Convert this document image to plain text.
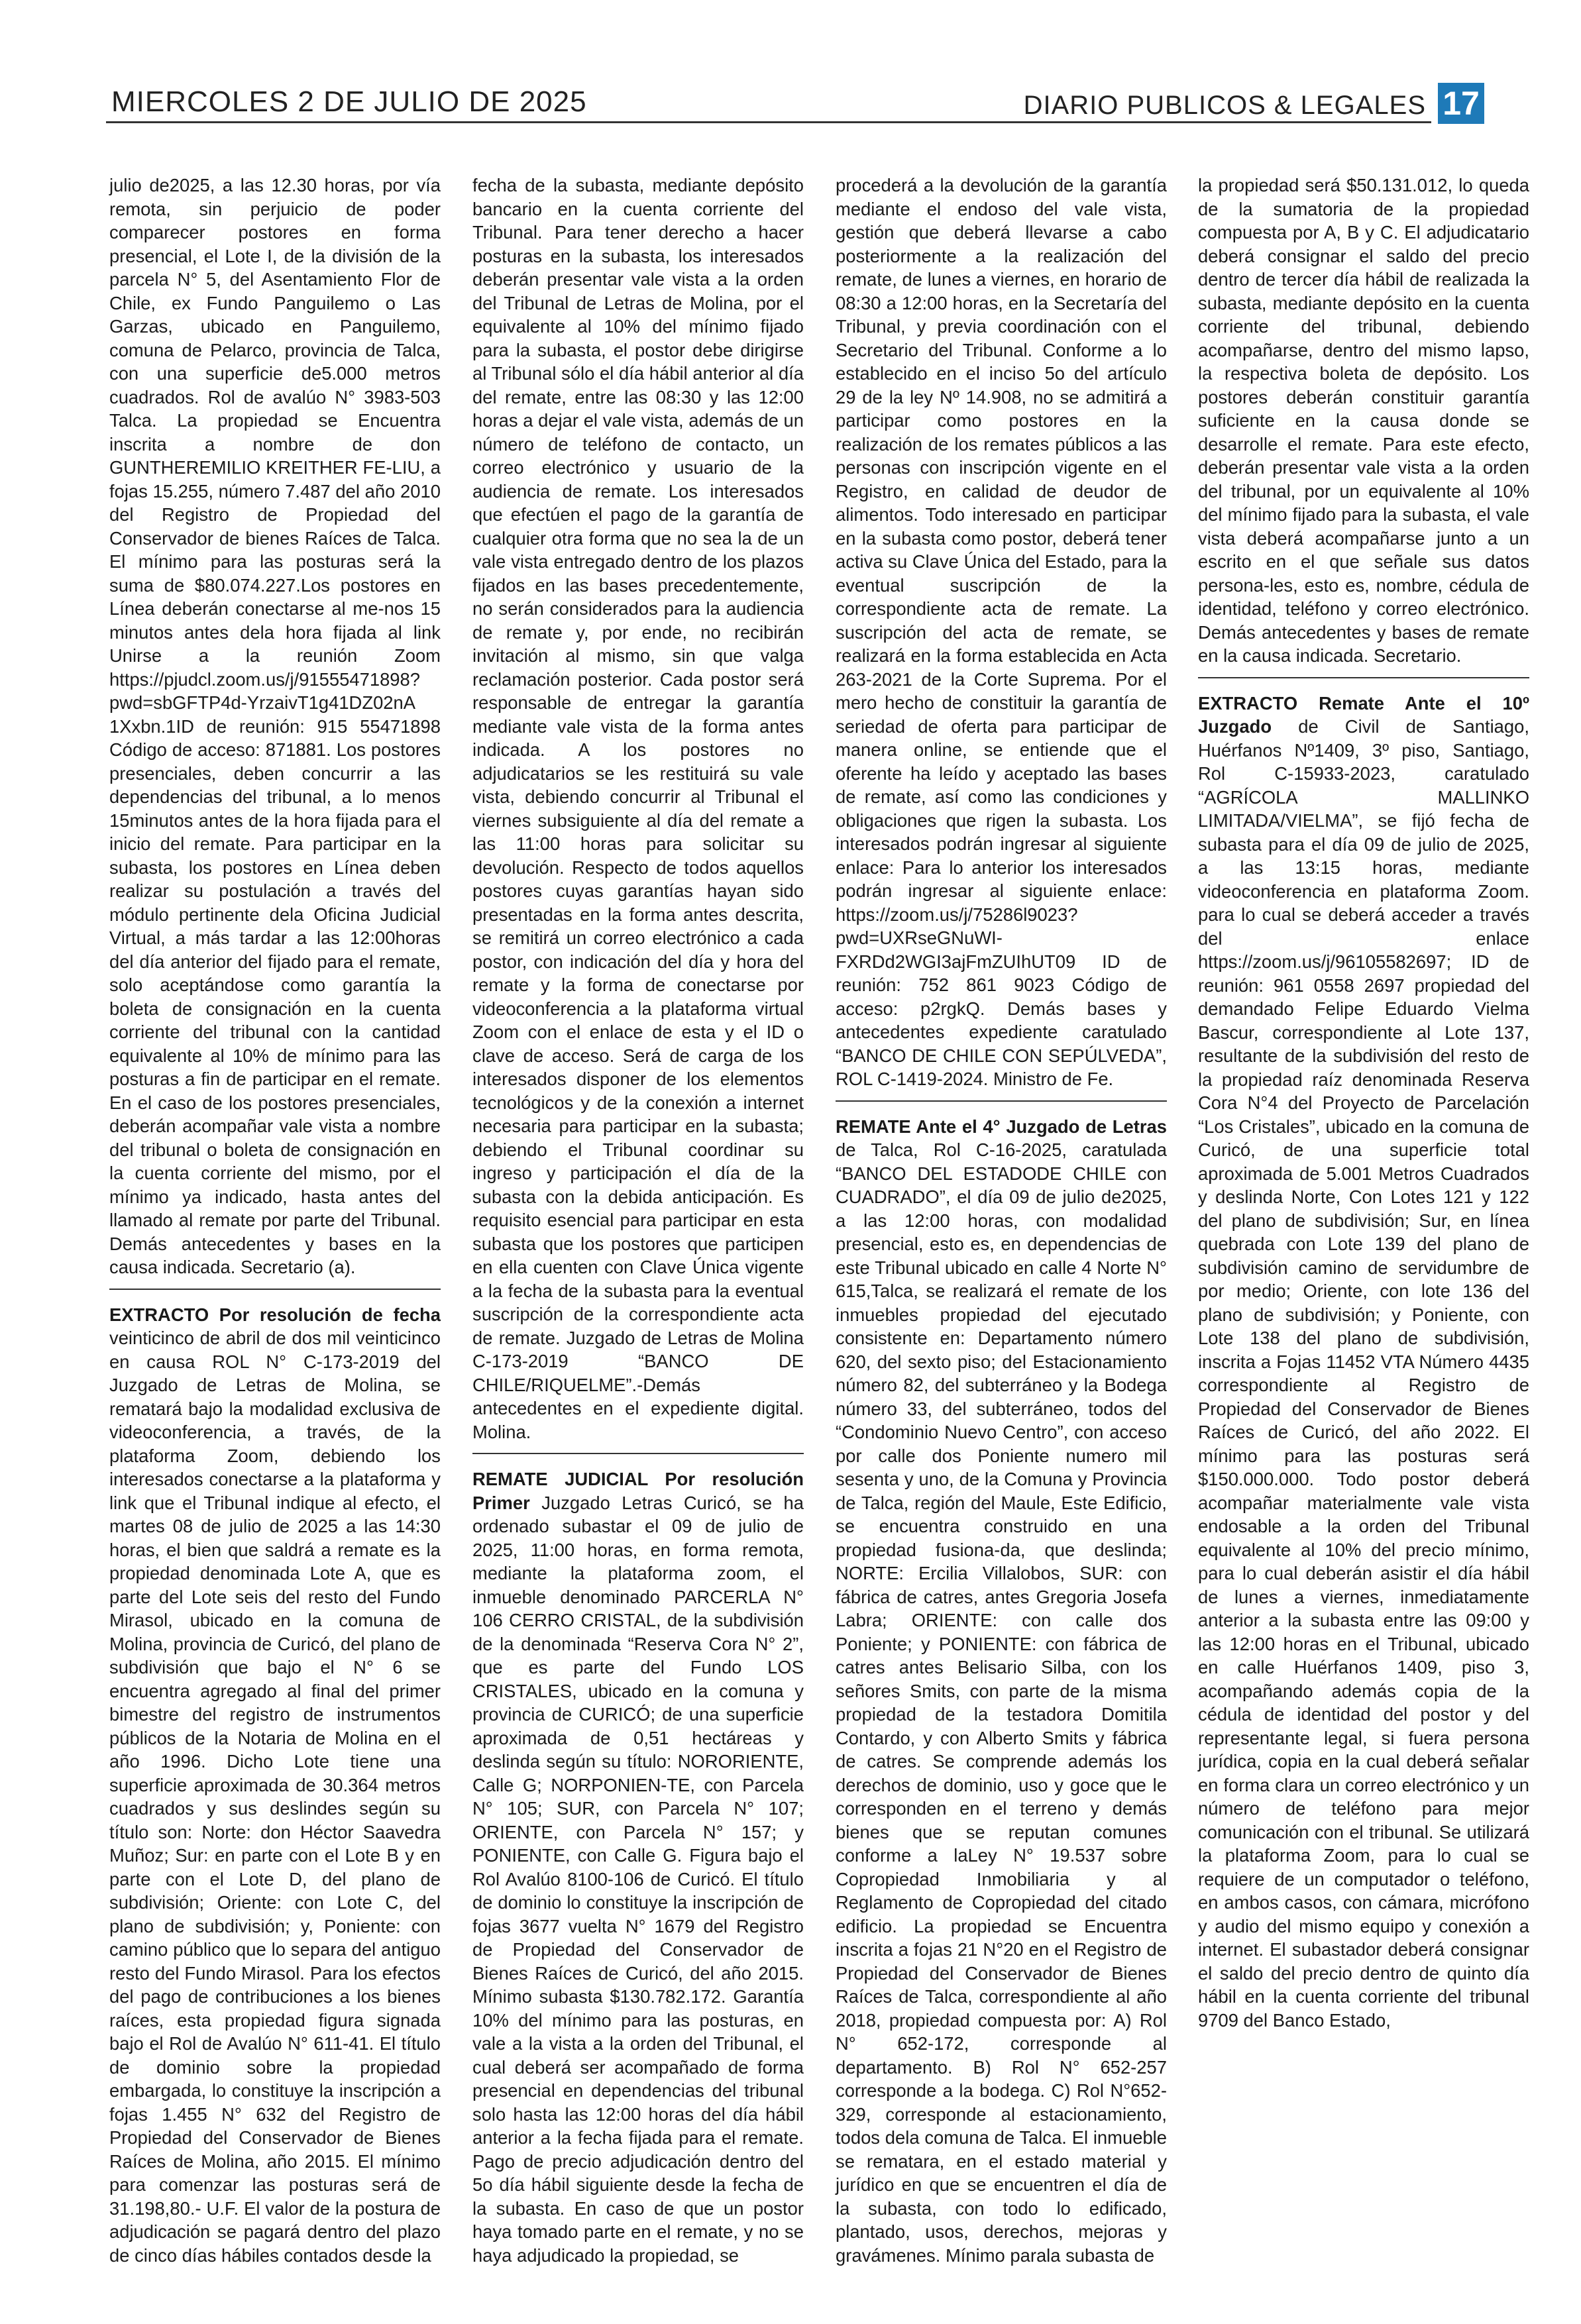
MIERCOLES 2 DE JULIO DE 2025	DIARIO PUBLICOS & LEGALES 17

julio de2025, a las 12.30 horas, por vía remota, sin perjuicio de poder comparecer postores en forma presencial, el Lote I, de la división de la parcela N° 5, del Asentamiento Flor de Chile, ex Fundo Panguilemo o Las Garzas, ubicado en Panguilemo, comuna de Pelarco, provincia de Talca, con una superficie de5.000 metros cuadrados. Rol de avalúo N° 3983-503 Talca. La propiedad se Encuentra inscrita a nombre de don GUNTHEREMILIO KREITHER FE-LIU, a fojas 15.255, número 7.487 del año 2010 del Registro de Propiedad del Conservador de bienes Raíces de Talca. El mínimo para las posturas será la suma de $80.074.227.Los postores en Línea deberán conectarse al me-nos 15 minutos antes dela hora fijada al link Unirse a la reunión Zoom https://pjudcl.zoom.us/j/91555471898?pwd=sbGFTP4d-YrzaivT1g41DZ02nA 1Xxbn.1ID de reunión: 915 55471898 Código de acceso: 871881. Los postores presenciales, deben concurrir a las dependencias del tribunal, a lo menos 15minutos antes de la hora fijada para el inicio del remate. Para participar en la subasta, los postores en Línea deben realizar su postulación a través del módulo pertinente dela Oficina Judicial Virtual, a más tardar a las 12:00horas del día anterior del fijado para el remate, solo aceptándose como garantía la boleta de consignación en la cuenta corriente del tribunal con la cantidad equivalente al 10% de mínimo para las posturas a fin de participar en el remate. En el caso de los postores presenciales, deberán acompañar vale vista a nombre del tribunal o boleta de consignación en la cuenta corriente del mismo, por el mínimo ya indicado, hasta antes del llamado al remate por parte del Tribunal. Demás antecedentes y bases en la causa indicada. Secretario (a).

EXTRACTO Por resolución de fecha veinticinco de abril de dos mil veinticinco en causa ROL N° C-173-2019 del Juzgado de Letras de Molina, se rematará bajo la modalidad exclusiva de videoconferencia, a través, de la plataforma Zoom, debiendo los interesados conectarse a la plataforma y link que el Tribunal indique al efecto, el martes 08 de julio de 2025 a las 14:30 horas, el bien que saldrá a remate es la propiedad denominada Lote A, que es parte del Lote seis del resto del Fundo Mirasol, ubicado en la comuna de Molina, provincia de Curicó, del plano de subdivisión que bajo el N° 6 se encuentra agregado al final del primer bimestre del registro de instrumentos públicos de la Notaria de Molina en el año 1996. Dicho Lote tiene una superficie aproximada de 30.364 metros cuadrados y sus deslindes según su título son: Norte: don Héctor Saavedra Muñoz; Sur: en parte con el Lote B y en parte con el Lote D, del plano de subdivisión; Oriente: con Lote C, del plano de subdivisión; y, Poniente: con camino público que lo separa del antiguo resto del Fundo Mirasol. Para los efectos del pago de contribuciones a los bienes raíces, esta propiedad figura signada bajo el Rol de Avalúo N° 611-41. El título de dominio sobre la propiedad embargada, lo constituye la inscripción a fojas 1.455 N° 632 del Registro de Propiedad del Conservador de Bienes Raíces de Molina, año 2015. El mínimo para comenzar las posturas será de 31.198,80.- U.F. El valor de la postura de adjudicación se pagará dentro del plazo de cinco días hábiles contados desde la

fecha de la subasta, mediante depósito bancario en la cuenta corriente del Tribunal. Para tener derecho a hacer posturas en la subasta, los interesados deberán presentar vale vista a la orden del Tribunal de Letras de Molina, por el equivalente al 10% del mínimo fijado para la subasta, el postor debe dirigirse al Tribunal sólo el día hábil anterior al día del remate, entre las 08:30 y las 12:00 horas a dejar el vale vista, además de un número de teléfono de contacto, un correo electrónico y usuario de la audiencia de remate. Los interesados que efectúen el pago de la garantía de cualquier otra forma que no sea la de un vale vista entregado dentro de los plazos fijados en las bases precedentemente, no serán considerados para la audiencia de remate y, por ende, no recibirán invitación al mismo, sin que valga reclamación posterior. Cada postor será responsable de entregar la garantía mediante vale vista de la forma antes indicada. A los postores no adjudicatarios se les restituirá su vale vista, debiendo concurrir al Tribunal el viernes subsiguiente al día del remate a las 11:00 horas para solicitar su devolución. Respecto de todos aquellos postores cuyas garantías hayan sido presentadas en la forma antes descrita, se remitirá un correo electrónico a cada postor, con indicación del día y hora del remate y la forma de conectarse por videoconferencia a la plataforma virtual Zoom con el enlace de esta y el ID o clave de acceso. Será de carga de los interesados disponer de los elementos tecnológicos y de la conexión a internet necesaria para participar en la subasta; debiendo el Tribunal coordinar su ingreso y participación el día de la subasta con la debida anticipación. Es requisito esencial para participar en esta subasta que los postores que participen en ella cuenten con Clave Única vigente a la fecha de la subasta para la eventual suscripción de la correspondiente acta de remate. Juzgado de Letras de Molina C-173-2019 “BANCO DE CHILE/RIQUELME”.-Demás antecedentes en el expediente digital. Molina.

REMATE JUDICIAL Por resolución Primer Juzgado Letras Curicó, se ha ordenado subastar el 09 de julio de 2025, 11:00 horas, en forma remota, mediante la plataforma zoom, el inmueble denominado PARCERLA N° 106 CERRO CRISTAL, de la subdivisión de la denominada “Reserva Cora N° 2”, que es parte del Fundo LOS CRISTALES, ubicado en la comuna y provincia de CURICÓ; de una superficie aproximada de 0,51 hectáreas y deslinda según su título: NORORIENTE, Calle G; NORPONIEN-TE, con Parcela N° 105; SUR, con Parcela N° 107; ORIENTE, con Parcela N° 157; y PONIENTE, con Calle G. Figura bajo el Rol Avalúo 8100-106 de Curicó. El título de dominio lo constituye la inscripción de fojas 3677 vuelta N° 1679 del Registro de Propiedad del Conservador de Bienes Raíces de Curicó, del año 2015. Mínimo subasta $130.782.172. Garantía 10% del mínimo para las posturas, en vale a la vista a la orden del Tribunal, el cual deberá ser acompañado de forma presencial en dependencias del tribunal solo hasta las 12:00 horas del día hábil anterior a la fecha fijada para el remate. Pago de precio adjudicación dentro del 5o día hábil siguiente desde la fecha de la subasta. En caso de que un postor haya tomado parte en el remate, y no se haya adjudicado la propiedad, se

procederá a la devolución de la garantía mediante el endoso del vale vista, gestión que deberá llevarse a cabo posteriormente a la realización del remate, de lunes a viernes, en horario de 08:30 a 12:00 horas, en la Secretaría del Tribunal, y previa coordinación con el Secretario del Tribunal. Conforme a lo establecido en el inciso 5o del artículo 29 de la ley Nº 14.908, no se admitirá a participar como postores en la realización de los remates públicos a las personas con inscripción vigente en el Registro, en calidad de deudor de alimentos. Todo interesado en participar en la subasta como postor, deberá tener activa su Clave Única del Estado, para la eventual suscripción de la correspondiente acta de remate. La suscripción del acta de remate, se realizará en la forma establecida en Acta 263-2021 de la Corte Suprema. Por el mero hecho de constituir la garantía de seriedad de oferta para participar de manera online, se entiende que el oferente ha leído y aceptado las bases de remate, así como las condiciones y obligaciones que rigen la subasta. Los interesados podrán ingresar al siguiente enlace: Para lo anterior los interesados podrán ingresar al siguiente enlace: https://zoom.us/j/75286l9023?pwd=UXRseGNuWI-FXRDd2WGI3ajFmZUIhUT09 ID de reunión: 752 861 9023 Código de acceso: p2rgkQ. Demás bases y antecedentes expediente caratulado “BANCO DE CHILE CON SEPÚLVEDA”, ROL C-1419-2024. Ministro de Fe.

REMATE Ante el 4° Juzgado de Letras de Talca, Rol C-16-2025, caratulada “BANCO DEL ESTADODE CHILE con CUADRADO”, el día 09 de julio de2025, a las 12:00 horas, con modalidad presencial, esto es, en dependencias de este Tribunal ubicado en calle 4 Norte N° 615,Talca, se realizará el remate de los inmuebles propiedad del ejecutado consistente en: Departamento número 620, del sexto piso; del Estacionamiento número 82, del subterráneo y la Bodega número 33, del subterráneo, todos del “Condominio Nuevo Centro”, con acceso por calle dos Poniente numero mil sesenta y uno, de la Comuna y Provincia de Talca, región del Maule, Este Edificio, se encuentra construido en una propiedad fusiona-da, que deslinda; NORTE: Ercilia Villalobos, SUR: con fábrica de catres, antes Gregoria Josefa Labra; ORIENTE: con calle dos Poniente; y PONIENTE: con fábrica de catres antes Belisario Silba, con los señores Smits, con parte de la misma propiedad de la testadora Domitila Contardo, y con Alberto Smits y fábrica de catres. Se comprende además los derechos de dominio, uso y goce que le corresponden en el terreno y demás bienes que se reputan comunes conforme a laLey N° 19.537 sobre Copropiedad Inmobiliaria y al Reglamento de Copropiedad del citado edificio. La propiedad se Encuentra inscrita a fojas 21 N°20 en el Registro de Propiedad del Conservador de Bienes Raíces de Talca, correspondiente al año 2018, propiedad compuesta por: A) Rol N° 652-172, corresponde al departamento. B) Rol N° 652-257 corresponde a la bodega. C) Rol N°652-329, corresponde al estacionamiento, todos dela comuna de Talca. El inmueble se rematara, en el estado material y jurídico en que se encuentren el día de la subasta, con todo lo edificado, plantado, usos, derechos, mejoras y gravámenes. Mínimo parala subasta de

la propiedad será $50.131.012, lo queda de la sumatoria de la propiedad compuesta por A, B y C. El adjudicatario deberá consignar el saldo del precio dentro de tercer día hábil de realizada la subasta, mediante depósito en la cuenta corriente del tribunal, debiendo acompañarse, dentro del mismo lapso, la respectiva boleta de depósito. Los postores deberán constituir garantía suficiente en la causa donde se desarrolle el remate. Para este efecto, deberán presentar vale vista a la orden del tribunal, por un equivalente al 10% del mínimo fijado para la subasta, el vale vista deberá acompañarse junto a un escrito en el que señale sus datos persona-les, esto es, nombre, cédula de identidad, teléfono y correo electrónico. Demás antecedentes y bases de remate en la causa indicada. Secretario.

EXTRACTO Remate Ante el 10º Juzgado de Civil de Santiago, Huérfanos Nº1409, 3º piso, Santiago, Rol C-15933-2023, caratulado “AGRÍCOLA MALLINKO LIMITADA/VIELMA”, se fijó fecha de subasta para el día 09 de julio de 2025, a las 13:15 horas, mediante videoconferencia en plataforma Zoom. para lo cual se deberá acceder a través del enlace https://zoom.us/j/96105582697; ID de reunión: 961 0558 2697 propiedad del demandado Felipe Eduardo Vielma Bascur, correspondiente al Lote 137, resultante de la subdivisión del resto de la propiedad raíz denominada Reserva Cora N°4 del Proyecto de Parcelación “Los Cristales”, ubicado en la comuna de Curicó, de una superficie total aproximada de 5.001 Metros Cuadrados y deslinda Norte, Con Lotes 121 y 122 del plano de subdivisión; Sur, en línea quebrada con Lote 139 del plano de subdivisión camino de servidumbre de por medio; Oriente, con lote 136 del plano de subdivisión; y Poniente, con Lote 138 del plano de subdivisión, inscrita a Fojas 11452 VTA Número 4435 correspondiente al Registro de Propiedad del Conservador de Bienes Raíces de Curicó, del año 2022. El mínimo para las posturas será $150.000.000. Todo postor deberá acompañar materialmente vale vista endosable a la orden del Tribunal equivalente al 10% del precio mínimo, para lo cual deberán asistir el día hábil de lunes a viernes, inmediatamente anterior a la subasta entre las 09:00 y las 12:00 horas en el Tribunal, ubicado en calle Huérfanos 1409, piso 3, acompañando además copia de la cédula de identidad del postor y del representante legal, si fuera persona jurídica, copia en la cual deberá señalar en forma clara un correo electrónico y un número de teléfono para mejor comunicación con el tribunal. Se utilizará la plataforma Zoom, para lo cual se requiere de un computador o teléfono, en ambos casos, con cámara, micrófono y audio del mismo equipo y conexión a internet. El subastador deberá consignar el saldo del precio dentro de quinto día hábil en la cuenta corriente del tribunal 9709 del Banco Estado,
